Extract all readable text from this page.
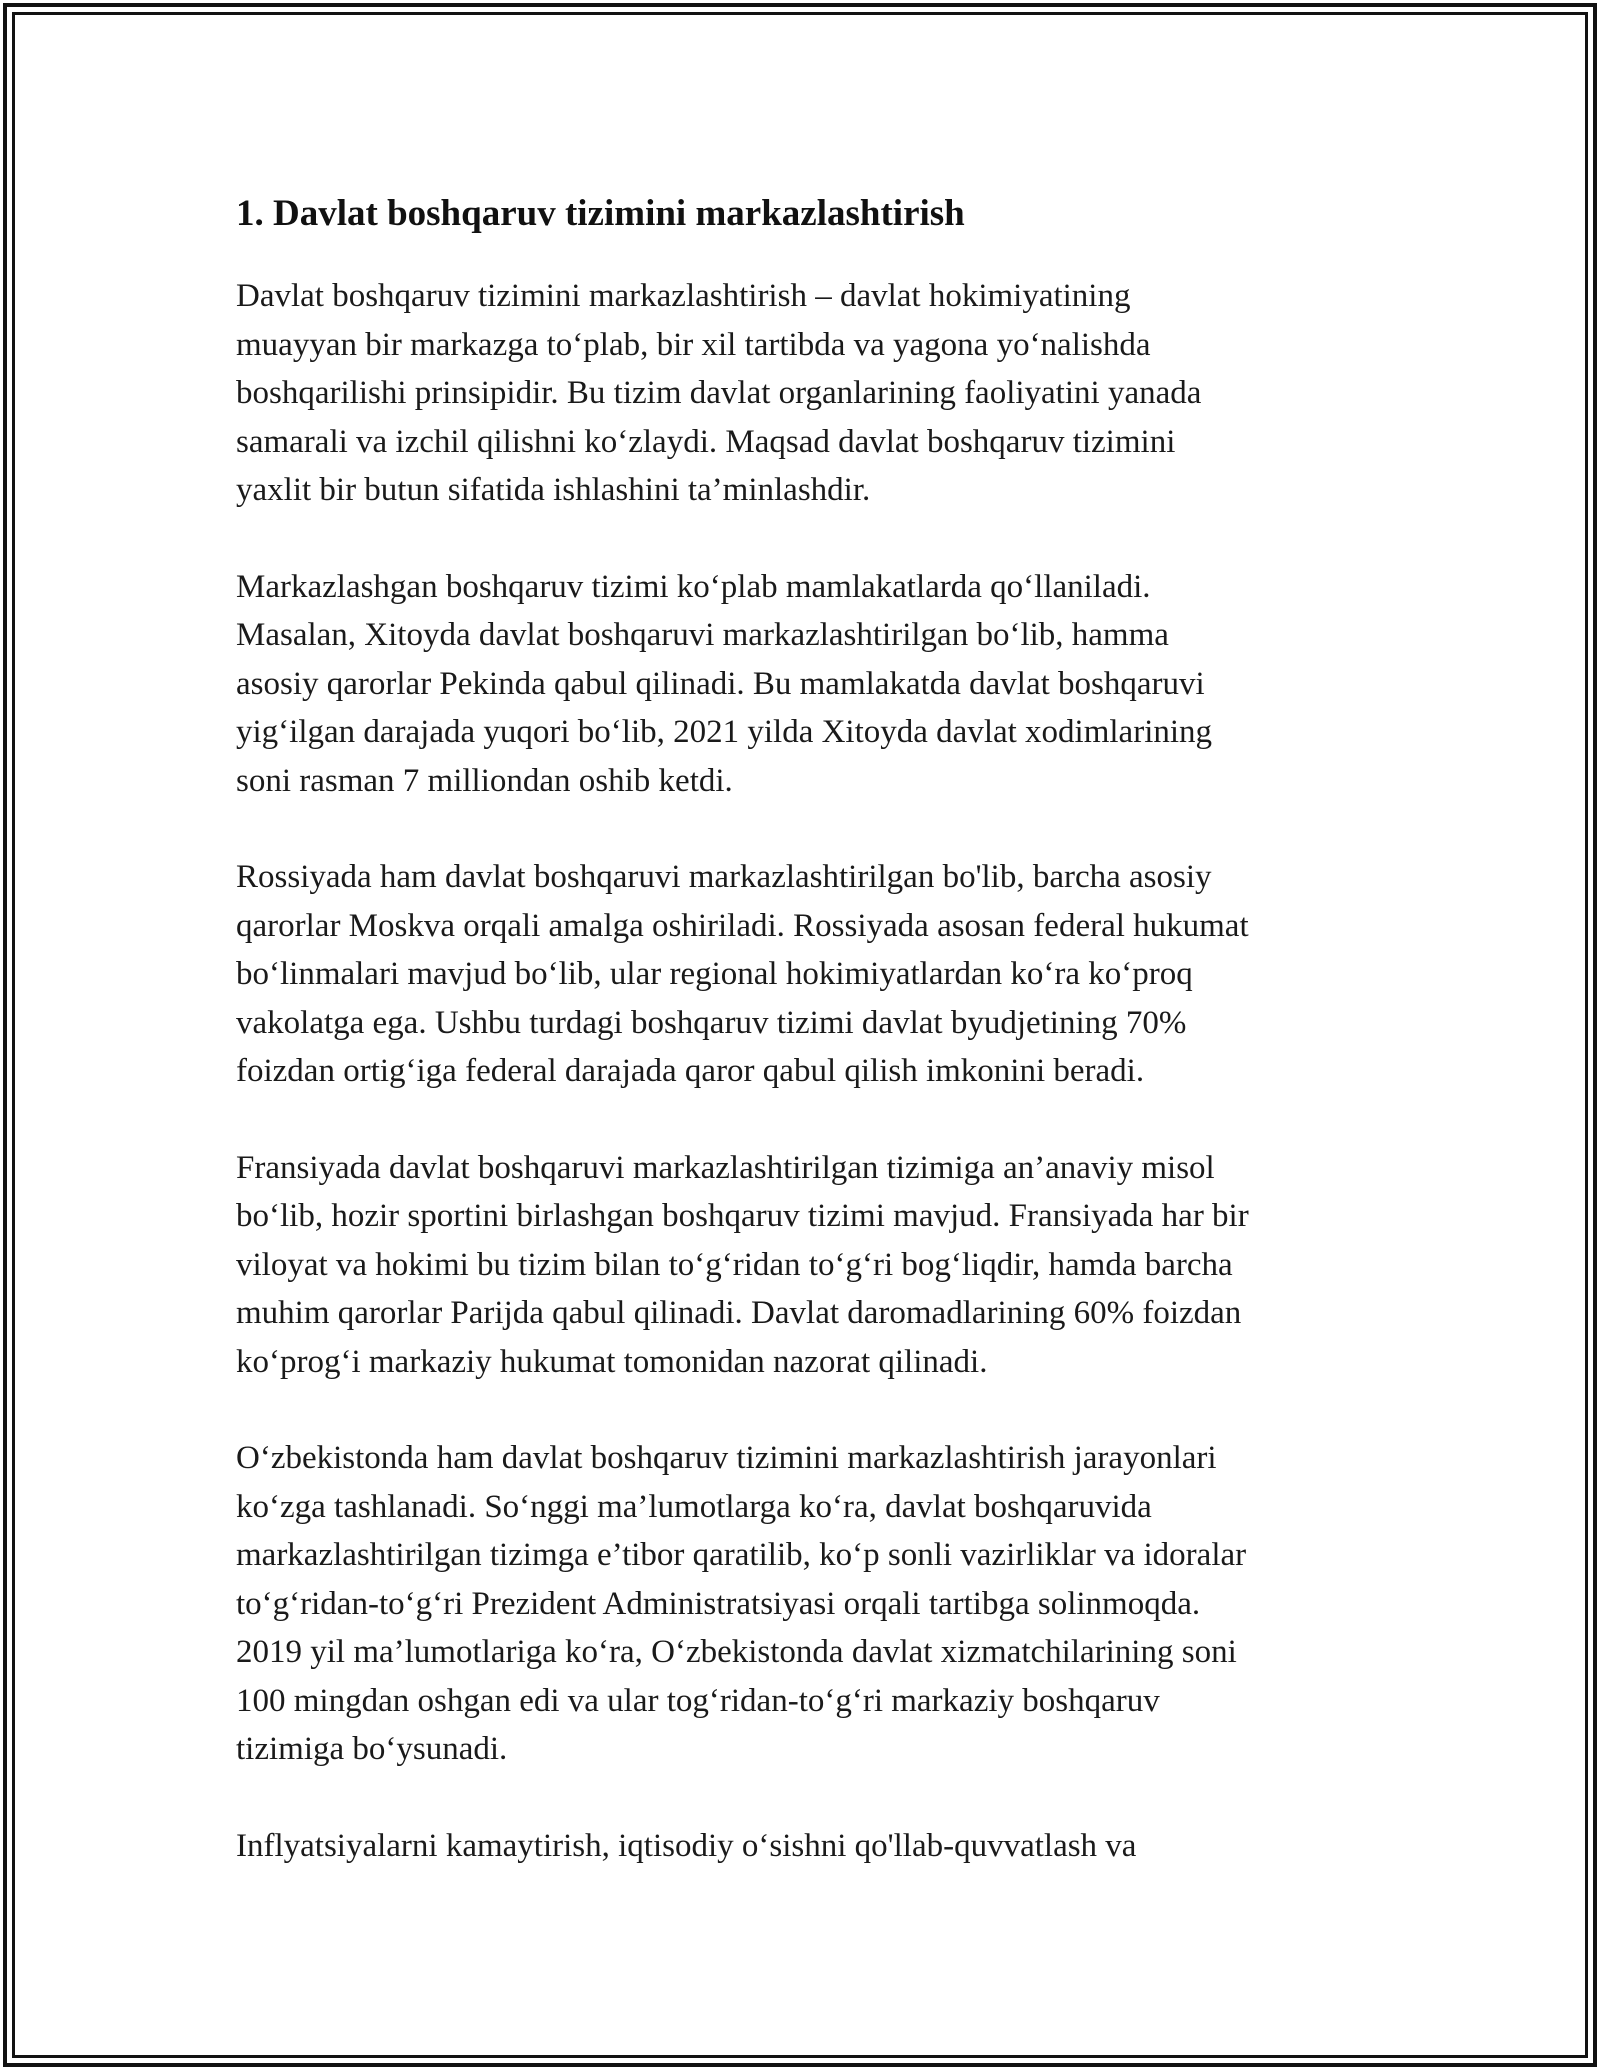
1. Davlat boshqaruv tizimini markazlashtirish

Davlat boshqaruv tizimini markazlashtirish – davlat hokimiyatining
muayyan bir markazga to‘plab, bir xil tartibda va yagona yo‘nalishda
boshqarilishi prinsipidir. Bu tizim davlat organlarining faoliyatini yanada
samarali va izchil qilishni ko‘zlaydi. Maqsad davlat boshqaruv tizimini
yaxlit bir butun sifatida ishlashini ta’minlashdir.

Markazlashgan boshqaruv tizimi ko‘plab mamlakatlarda qo‘llaniladi.
Masalan, Xitoyda davlat boshqaruvi markazlashtirilgan bo‘lib, hamma
asosiy qarorlar Pekinda qabul qilinadi. Bu mamlakatda davlat boshqaruvi
yig‘ilgan darajada yuqori bo‘lib, 2021 yilda Xitoyda davlat xodimlarining
soni rasman 7 milliondan oshib ketdi.

Rossiyada ham davlat boshqaruvi markazlashtirilgan bo'lib, barcha asosiy
qarorlar Moskva orqali amalga oshiriladi. Rossiyada asosan federal hukumat
bo‘linmalari mavjud bo‘lib, ular regional hokimiyatlardan ko‘ra ko‘proq
vakolatga ega. Ushbu turdagi boshqaruv tizimi davlat byudjetining 70%
foizdan ortig‘iga federal darajada qaror qabul qilish imkonini beradi.

Fransiyada davlat boshqaruvi markazlashtirilgan tizimiga an’anaviy misol
bo‘lib, hozir sportini birlashgan boshqaruv tizimi mavjud. Fransiyada har bir
viloyat va hokimi bu tizim bilan to‘g‘ridan to‘g‘ri bog‘liqdir, hamda barcha
muhim qarorlar Parijda qabul qilinadi. Davlat daromadlarining 60% foizdan
ko‘prog‘i markaziy hukumat tomonidan nazorat qilinadi.

O‘zbekistonda ham davlat boshqaruv tizimini markazlashtirish jarayonlari
ko‘zga tashlanadi. So‘nggi ma’lumotlarga ko‘ra, davlat boshqaruvida
markazlashtirilgan tizimga e’tibor qaratilib, ko‘p sonli vazirliklar va idoralar
to‘g‘ridan-to‘g‘ri Prezident Administratsiyasi orqali tartibga solinmoqda.
2019 yil ma’lumotlariga ko‘ra, O‘zbekistonda davlat xizmatchilarining soni
100 mingdan oshgan edi va ular tog‘ridan-to‘g‘ri markaziy boshqaruv
tizimiga bo‘ysunadi.

Inflyatsiyalarni kamaytirish, iqtisodiy o‘sishni qo'llab-quvvatlash va
